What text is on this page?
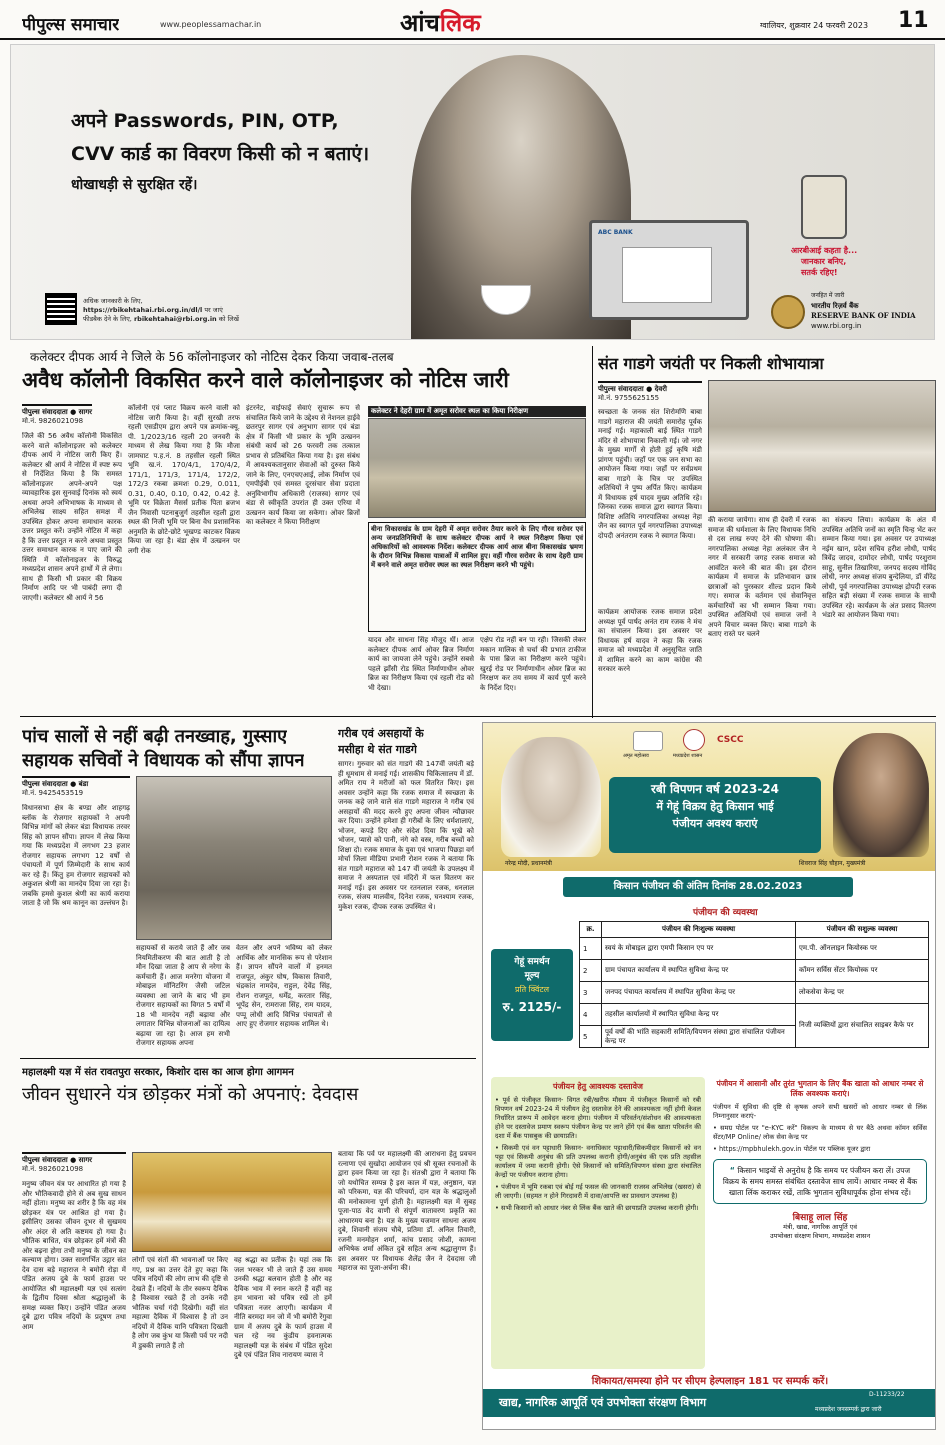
पीपुल्स समाचार	www.peoplessamachar.in	आंचलिक	ग्वालियर, शुक्रवार 24 फरवरी 2023 11
ABC BANK
अपने Passwords, PIN, OTP,
CVV कार्ड का विवरण किसी को न बताएं।
धोखाधड़ी से सुरक्षित रहें।
अधिक जानकारी के लिए,
https://rbikehtahai.rbi.org.in/dl/l पर जाएं
फीडबैक देने के लिए, rbikehtahai@rbi.org.in को लिखें
आरबीआई कहता है...
जानकार बनिए,
सतर्क रहिए!
जनहित में जारी
भारतीय रिज़र्व बैंक
RESERVE BANK OF INDIA
www.rbi.org.in
कलेक्टर दीपक आर्य ने जिले के 56 कॉलोनाइजर को नोटिस देकर किया जवाब-तलब
अवैध कॉलोनी विकसित करने वाले कॉलोनाइजर को नोटिस जारी
पीपुल्स संवाददाता ● सागर
मो.नं. 9826021098
जिले की 56 अवैध कॉलोनी विकसित करने वाले कॉलोनाइजर को कलेक्टर दीपक आर्य ने नोटिस जारी किए हैं। कलेक्टर श्री आर्य ने नोटिस में स्पष्ट रूप से निर्देशित किया है कि समस्त कॉलोनाइजर अपने-अपने पक्ष व्यावहारिक इस सुनवाई दिनांक को स्वयं अथवा अपने अभिभाषक के माध्यम से अभिलेख साक्ष्य सहित समक्ष में उपस्थित होकर अपना समाधान कारक उत्तर प्रस्तुत करें। उन्होंने नोटिस में कहा है कि उत्तर प्रस्तुत न करने अथवा प्रस्तुत उत्तर समाधान कारक न पाए जाने की स्थिति में कॉलोनाइजर के विरुद्ध मध्यप्रदेश शासन अपने हाथों में ले लेगा। साथ ही किसी भी प्रकार की विक्रय निर्माण आदि पर भी पाबंदी लगा दी जाएगी। कलेक्टर श्री आर्य ने 56
कॉलोनी एवं प्लाट विक्रय करने वाली को नोटिस जारी किया है। वहीं सुरखी तरफ रहली एसडीएम द्वारा अपने पत्र क्रमांक-क्यू. पी. 1/2023/16 रहली 20 जनवरी के माध्यम से लेख किया गया है कि मौजा जामघाट प.ह.नं. 8 तहसील रहली स्थित भूमि ख.नं. 170/4/1, 170/4/2, 171/1, 171/3, 171/4, 172/2, 172/3 रकबा क्रमशः 0.29, 0.011, 0.31, 0.40, 0.10, 0.42, 0.42 हे. भूमि पर विक्रेता मैसर्स प्रतीक पिता ब्रजभ जैन निवासी पटनाबुजुर्ग तहसील रहली द्वारा स्थल की निजी भूमि पर बिना वैध प्रशासनिक अनुमति के छोटे-छोटे भूखण्ड काटकर विक्रय किया जा रहा है। बंडा क्षेत्र में उत्खनन पर लगी रोक
इंटरनेट, वाईफाई सेवाएं सुचारू रूप से संचालित किये जाने के उद्देश्य से नेशनल हाईवे छतरपुर सागर एवं अनुभाग सागर एवं बंडा क्षेत्र में किसी भी प्रकार के भूमि उत्खनन संबंधी कार्य को 26 फरवरी तक तत्काल प्रभाव से प्रतिबंधित किया गया है। इस संबंध में आवश्यकतानुसार सेवाओं को दुरुस्त किये जाने के लिए, एनएचएआई, लोक निर्माण एवं एमपीईबी एवं समस्त दूरसंचार सेवा प्रदाता अनुविभागीय अधिकारी (राजस्व) सागर एवं बंडा से स्वीकृति उपरांत ही उक्त एरिया में उत्खनन कार्य किया जा सकेगा। ओवर ब्रिजों का कलेक्टर ने किया निरीक्षण
कलेक्टर ने देहरी ग्राम में अमृत सरोवर स्थल का किया निरीक्षण
बीना विकासखंड के ग्राम देहरी में अमृत सरोवर तैयार करने के लिए गौरव सरोवर एवं अन्य जनप्रतिनिधियों के साथ कलेक्टर दीपक आर्य ने स्थल निरीक्षण किया एवं अधिकारियों को आवश्यक निर्देश। कलेक्टर दीपक आर्य आज बीना विकासखंड भ्रमण के दौरान विभिन्न विकास यात्राओं में शामिल हुए। वहीं गौरव सरोवर के साथ देहरी ग्राम में बनने वाले अमृत सरोवर स्थल का स्थल निरीक्षण करने भी पहुंचे।
यादव और साधना सिंह मौजूद थीं। आज कलेक्टर दीपक आर्य ओवर ब्रिज निर्माण कार्य का जायजा लेने पहुंचे। उन्होंने सबसे पहले झाँसी रोड स्थित निर्माणाधीन ओवर ब्रिज का निरीक्षण किया एवं रहली रोड को भी देखा।
एक्षेप रोड नहीं बन पा रही। जिसकी लेकर मकान मालिक से चर्चा की प्रभात टाकीज के पास ब्रिज का निरीक्षण करने पहुंचे। खुरई रोड पर निर्माणाधीन ओवर ब्रिज का निरक्षण कर तय समय में कार्य पूर्ण करने के निर्देश दिए।
संत गाडगे जयंती पर निकली शोभायात्रा
पीपुल्स संवाददाता ● देवरी
मो.नं. 9755625155
स्वच्छता के जनक संत शिरोमणि बाबा गाडगे महाराज की जयंती समारोह पूर्वक मनाई गई। महाकाली बाई स्थित गाडगे मंदिर से शोभायात्रा निकाली गई। जो नगर के मुख्य मार्गों से होती हुई कृषि मंडी प्रांगण पहुंची। जहाँ पर एक जन सभा का आयोजन किया गया। जहाँ पर सर्वप्रथम बाबा गाडगे के चित्र पर उपस्थित अतिथियों ने पुष्प अर्पित किए। कार्यक्रम में विधायक हर्ष यादव मुख्य अतिथि रहे। जिनका रजक समाज द्वारा स्वागत किया। विशिष्ट अतिथि नगरपालिका अध्यक्ष नेहा जैन का स्वागत पूर्व नगरपालिका उपाध्यक्ष दोपदी अनंतराम रजक ने स्वागत किया।
कार्यक्रम आयोजक रजक समाज प्रदेश अध्यक्ष पूर्व पार्षद अनंत राम रजक ने मंच का संचालन किया। इस अवसर पर विधायक हर्ष यादव ने कहा कि रजक समाज को मध्यप्रदेश में अनुसूचित जाति में शामिल करने का काम कांग्रेस की सरकार करने
की कराया जायेगा। साथ ही देवरी में रजक समाज की धर्मशाला के लिए विधायक निधि से दस लाख रुपए देने की घोषणा की। नगरपालिका अध्यक्ष नेहा अलंकार जैन ने नगर में सरकारी जगह रजक समाज को आवंटित करने की बात की। इस दौरान कार्यक्रम में समाज के प्रतिभावान छात्र छात्राओं को पुरस्कार शील्ड प्रदान किये गए। समाज के वर्तमान एवं सेवानिवृत्त कर्मचारियों का भी सम्मान किया गया। उपस्थित अतिथियों एवं समाज जनों ने अपने विचार व्यक्त किए। बाबा गाडगे के बताए रास्ते पर चलने
का संकल्प लिया। कार्यक्रम के अंत में उपस्थित अतिथि जनों का स्मृति चिन्ह भेंट कर सम्मान किया गया। इस अवसर पर उपाध्यक्ष नईम खान, प्रदेश सचिव हरीश लोधी, पार्षद त्रिवेंद्र जादव, दामोदर लोधी, पार्षद परशुराम साहू, सुनील तिखारिया, जनपद सदस्य गोविंद लोधी, नगर अध्यक्ष संजय बुन्देलिया, डॉ वीरेंद्र लोधी, पूर्व नगरपालिका उपाध्यक्ष द्रोपदी रजक सहित बड़ी संख्या में रजक समाज के साथी उपस्थित रहे। कार्यक्रम के अंत प्रसाद वितरण भंडारे का आयोजन किया गया।
पांच सालों से नहीं बढ़ी तनख्वाह, गुस्साए
सहायक सचिवों ने विधायक को सौंपा ज्ञापन
पीपुल्स संवाददाता ● बंडा
मो.नं. 9425453519
विधानसभा क्षेत्र के बण्डा और शाहगढ़ ब्लॉक के रोजगार सहायकों ने अपनी विभिन्न मांगों को लेकर बंडा विधायक तरवर सिंह को ज्ञापन सौंपा। ज्ञापन में लेख किया गया कि मध्यप्रदेश में लगभग 23 हजार रोजगार सहायक लगभग 12 वर्षों से पंचायतों में पूर्ण जिम्मेदारी के साथ कार्य कर रहे हैं। किंतु हम रोजगार सहायकों को अकुशल श्रेणी का मानदेय दिया जा रहा है। जबकि हमसे कुशल श्रेणी का कार्य कराया जाता है जो कि श्रम कानून का उल्लंघन है।
सहायकों से कराये जाते हैं और जब नियमितीकरण की बात आती है तो मौन दिखा जाता है आप से नरेगा के कर्मचारी हैं। आज मनरेगा योजना में मोबाइल मॉनिटरिंग जैसी जटिल व्यवस्था आ जाने के बाद भी हम रोजगार सहायकों का विगत 5 वर्षों में 18 भी मानदेय नहीं बढ़ाया और लगातार विभिन्न योजनाओं का दायित्व बढ़ाया जा रहा है। आज हम सभी रोजगार सहायक अपना
वेतन और अपने भविष्य को लेकर आर्थिक और मानसिक रूप से परेशान हैं। ज्ञापन सौंपने वालों में हनमत राजपूत, अंकुर घोष, विकास तिवारी, चंद्रकांत नामदेव, राहुल, देवेंद्र सिंह, रोशन राजपूत, धर्मेंद्र, करतार सिंह, भूपेंद्र सेन, रामराजा सिंह, राम यादव, पप्पू लोधी आदि विभिन्न पंचायतों से आए हुए रोजगार सहायक शामिल थे।
गरीब एवं असहायों के
मसीहा थे संत गाडगे
सागर। गुरुवार को संत गाडगे की 147वीं जयंती बड़े ही धूमधाम से मनाई गई। शासकीय चिकित्सालय में डॉ. अमित राय ने मरीजों को फल वितरित किए। इस अवसर उन्होंने कहा कि रजक समाज में स्वच्छता के जनक कहे जाने वाले संत गाडगे महाराज ने गरीब एवं असहायों की मदद करने हुए अपना जीवन न्यौछावर कर दिया। उन्होंने हमेशा ही गरीबों के लिए धर्मशालाएं, भोजन, कपड़े दिए और संदेश दिया कि भूखे को भोजन, प्यासे को पानी, नंगे को वस्त्र, गरीब बच्चों को शिक्षा दो। रजक समाज के युवा एवं भाजपा पिछड़ा वर्ग मोर्चा जिला मीडिया प्रभारी रोशन रजक ने बताया कि संत गाडगे महाराज को 147 वीं जयंती के उपलक्ष्य में समाज ने अस्पताल एवं मंदिरों में फल वितरण कर मनाई गई। इस अवसर पर रतनलाल रजक, धनलाल रजक, संजय मालवीय, दिनेश रजक, घनश्याम रजक, मुकेश रजक, दीपक रजक उपस्थित थे।
महालक्ष्मी यज्ञ में संत रावतपुरा सरकार, किशोर दास का आज होगा आगमन
जीवन सुधारने यंत्र छोड़कर मंत्रों को अपनाएं: देवदास
पीपुल्स संवाददाता ● सागर
मो.नं. 9826021098
मनुष्य जीवन यंत्र पर आधारित हो गया है और भौतिकवादी होने से अब सुख साधन नहीं होता। मनुष्य का शरीर है कि वह मंत्र छोड़कर यंत्र पर आश्रित हो गया है। इसीलिए उसका जीवन दूभर से सुखमय और अंदर से अति कष्टमय हो गया है। भौतिक बाधित, यंत्र छोड़कर हमें मंत्रों की ओर बढ़ना होगा तभी मनुष्य के जीवन का कल्याण होगा। उक्त सारगर्भित उद्गार संत देव दास बड़े महाराज ने बमोरी रोड़ा में पंडित अजय दुबे के फार्म हाउस पर आयोजित श्री महालक्ष्मी यज्ञ एवं सत्संग के द्वितीय दिवस श्रोता श्रद्धालुओं के समक्ष व्यक्त किए। उन्होंने पंडित अजय दुबे द्वारा पवित्र नदियों के प्रदूषण तथा आम
लोगों एवं संतों की भावनाओं पर किए गए, प्रश्न का उत्तर देते हुए कहा कि पवित्र नदियों की लोग लाभ की दृष्टि से देखते हैं। नदियों के तीर स्वरूप दैविक है विश्वास रखते हैं तो उनके नदी भौतिक चर्चा गंदी दिखेगी। वहीं संत महात्मा दैविक में विश्वास है तो उन नदियों में दैविक यानि पवित्रता दिखती है लोग जब कुंभ या किसी पर्व पर नदी में डुबकी लगाते हैं तो
वह श्रद्धा का प्रतीक है। यहां तक कि जल भरकर भी ले जाते हैं उस समय उनकी श्रद्धा बलवान होती है और वह दैविक भाव में स्नान करते हैं वहीं वह हम भावना को पवित्र रखें तो हमें पवित्रता नजर आएगी। कार्यक्रम में नीति बरमदा मन जो में भी बमोरी रेंगुवा ग्राम में अजय दुबे के फार्म हाउस में चल रहे नव कुंडीय हवनात्मक महालक्ष्मी यज्ञ के संबंध में पंडित सुदेश दुबे एवं पंडित शिव नारायण व्यास ने
बताया कि पर्व पर महालक्ष्मी की आराधना हेतु प्रवचन रत्नाणा एवं सुखोदा आयोजन एवं श्री सूक्त रचनाओं के द्वारा हवन किया जा रहा है। संतश्री द्वारा ने बताया कि जो यथोचित सम्पन्न है इस काल में यज्ञ, अनुष्ठान, यज्ञ को परिकमा, यज्ञ की परिचर्या, दान यज्ञ के श्रद्धालुओं की मनोकामना पूर्ण होती है। महालक्ष्मी यज्ञ में सुबह पूजा-पाठ वेद वाणी से संपूर्ण वातावरण प्रकृति का आधारमय बना है। यज्ञ के मुख्य यजमान साधना अजय दुबे, शिवानी संजय चौबे, प्रतिमा डॉ. अनिल तिवारी, रजनी मनमोहन शर्मा, कांच प्रसाद जोशी, कामना अभिषेक शर्मा अंकित दुबे सहित अन्य श्रद्धालुगण हैं। इस अवसर पर विधायक शैलेंद्र जैन ने देवदास जी महाराज का पूजा-अर्चना की।
अमृत महोत्सव	मध्यप्रदेश शासन
CSCC
रबी विपणन वर्ष 2023-24
में गेहूं विक्रय हेतु किसान भाई
पंजीयन अवश्य कराएं
नरेन्द्र मोदी, प्रधानमंत्री	शिवराज सिंह चौहान, मुख्यमंत्री
किसान पंजीयन की अंतिम दिनांक 28.02.2023
पंजीयन की व्यवस्था
गेहूं समर्थन
मूल्य
प्रति क्विंटल
रु. 2125/-
क्र.	पंजीयन की निःशुल्क व्यवस्था	पंजीयन की सशुल्क व्यवस्था
1	स्वयं के मोबाइल द्वारा एमपी किसान एप पर	एम.पी. ऑनलाइन कियोस्क पर
2	ग्राम पंचायत कार्यालय में स्थापित सुविधा केन्द्र पर	कॉमन सर्विस सेंटर कियोस्क पर
3	जनपद पंचायत कार्यालय में स्थापित सुविधा केन्द्र पर	लोकसेवा केन्द्र पर
4	तहसील कार्यालयों में स्थापित सुविधा केन्द्र पर	निजी व्यक्तियों द्वारा संचालित साइबर कैफे पर
5	पूर्व वर्षों की भांति सहकारी समिति/विपणन संस्था द्वारा संचालित पंजीयन केन्द्र पर	
पंजीयन हेतु आवश्यक दस्तावेज
• पूर्व से पंजीकृत किसान- विगत रबी/खरीफ मौसम में पंजीकृत किसानों को रबी विपणन वर्ष 2023-24 में पंजीयन हेतु दस्तावेज देने की आवश्यकता नहीं होगी केवल निर्धारित प्रारूप में आवेदन करना होगा। पंजीयन में परिवर्तन/संशोधन की आवश्यकता होने पर दस्तावेज प्रमाण स्वरूप पंजीयन केन्द्र पर लाने होंगे एवं बैंक खाता परिवर्तन की दशा में बैंक पासबुक की छायाप्रति।
• सिकमी एवं वन पट्टाधारी किसान- वनाधिकार पट्टाधारी/सिकमीदार किसानों को वन पट्टा एवं सिकमी अनुबंध की प्रति उपलब्ध करानी होगी/अनुबंध की एक प्रति तहसील कार्यालय में जमा करानी होगी। ऐसे किसानों को समिति/विपणन संस्था द्वारा संचालित केन्द्रों पर पंजीयन कराना होगा।
• पंजीयन में भूमि रकबा एवं बोई गई फसल की जानकारी राजस्व अभिलेख (खसरा) से ली जाएगी। (सहमत न होने गिरदावरी में दावा/आपत्ति का प्रावधान उपलब्ध है)
• सभी किसानों को आधार नंबर से लिंक बैंक खाते की छायाप्रति उपलब्ध करानी होगी।
पंजीयन में आसानी और तुरंत भुगतान के लिए बैंक खाता को आधार नम्बर से लिंक अवश्यक कराएं।
पंजीयन में सुविधा की दृष्टि से कृषक अपने सभी खसरों को आधार नम्बर से लिंक निम्नानुसार कराएं-
• समग्र पोर्टल पर "e-KYC करें" विकल्प के माध्यम से घर बैठे अथवा कॉमन सर्विस सेंटर/MP Online/ लोक सेवा केन्द्र पर
• https://mpbhulekh.gov.in पोर्टल पर पब्लिक यूजर द्वारा
“ किसान भाइयों से अनुरोध है कि समय पर पंजीयन करा लें। उपज विक्रय के समय समस्त संबंधित दस्तावेज साथ लायें। आधार नम्बर से बैंक खाता लिंक कराकर रखें, ताकि भुगतान सुविधापूर्वक होना संभव रहें।
बिसाहू लाल सिंह
मंत्री, खाद्य, नागरिक आपूर्ति एवं
उपभोक्ता संरक्षण विभाग, मध्यप्रदेश शासन
शिकायत/समस्या होने पर सीएम हेल्पलाइन 181 पर सम्पर्क करें।
खाद्य, नागरिक आपूर्ति एवं उपभोक्ता संरक्षण विभाग
D-11233/22
मध्यप्रदेश जनसम्पर्क द्वारा जारी
